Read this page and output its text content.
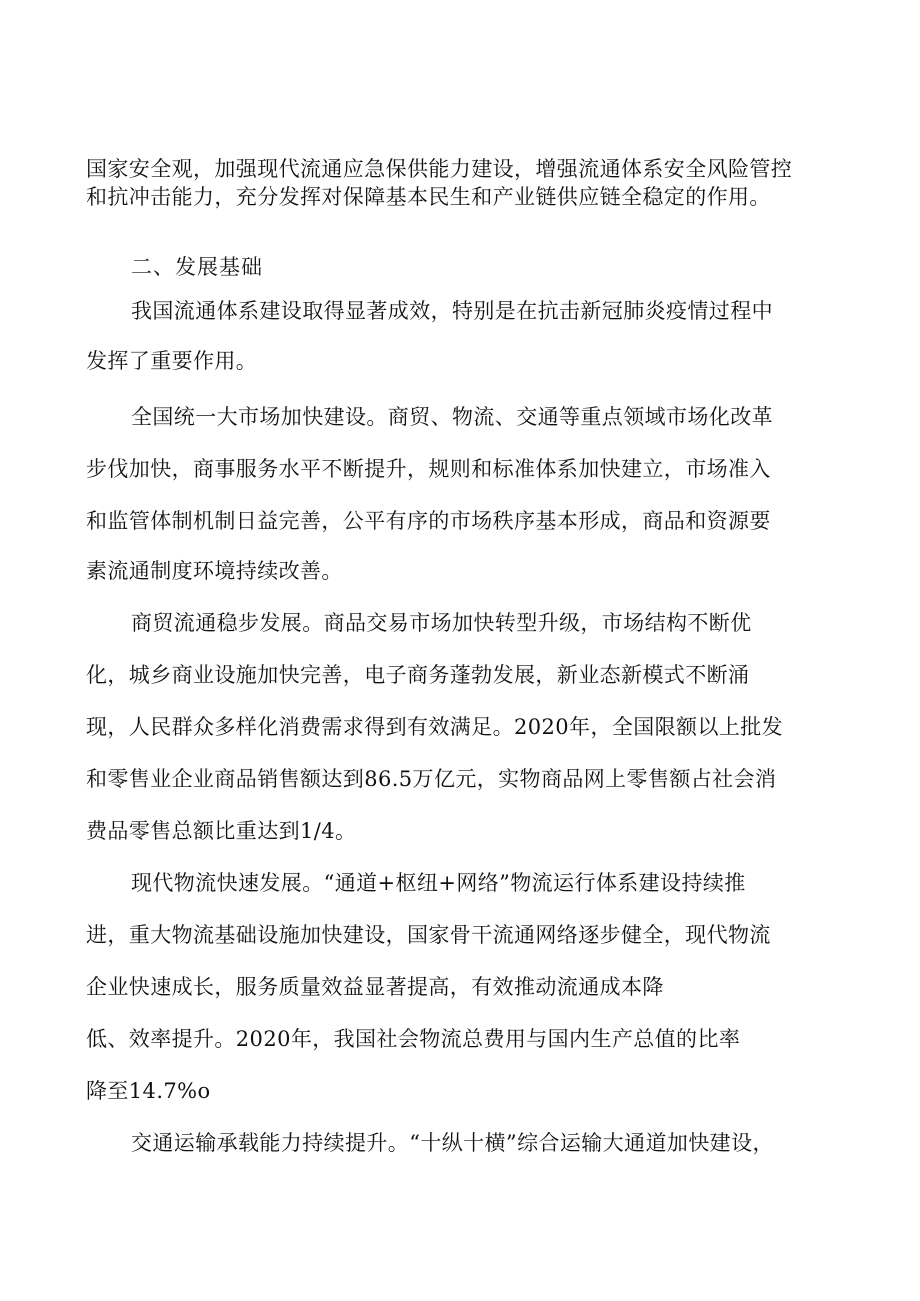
国家安全观，加强现代流通应急保供能力建设，增强流通体系安全风险管控
和抗冲击能力，充分发挥对保障基本民生和产业链供应链全稳定的作用。
二、发展基础
我国流通体系建设取得显著成效，特别是在抗击新冠肺炎疫情过程中
发挥了重要作用。
全国统一大市场加快建设。商贸、物流、交通等重点领域市场化改革
步伐加快，商事服务水平不断提升，规则和标准体系加快建立，市场准入
和监管体制机制日益完善，公平有序的市场秩序基本形成，商品和资源要
素流通制度环境持续改善。
商贸流通稳步发展。商品交易市场加快转型升级，市场结构不断优
化，城乡商业设施加快完善，电子商务蓬勃发展，新业态新模式不断涌
现，人民群众多样化消费需求得到有效满足。2020年，全国限额以上批发
和零售业企业商品销售额达到86.5万亿元，实物商品网上零售额占社会消
费品零售总额比重达到1/4。
现代物流快速发展。“通道+枢纽+网络”物流运行体系建设持续推
进，重大物流基础设施加快建设，国家骨干流通网络逐步健全，现代物流
企业快速成长，服务质量效益显著提高，有效推动流通成本降
低、效率提升。2020年，我国社会物流总费用与国内生产总值的比率
降至14.7%o
交通运输承载能力持续提升。“十纵十横”综合运输大通道加快建设，
